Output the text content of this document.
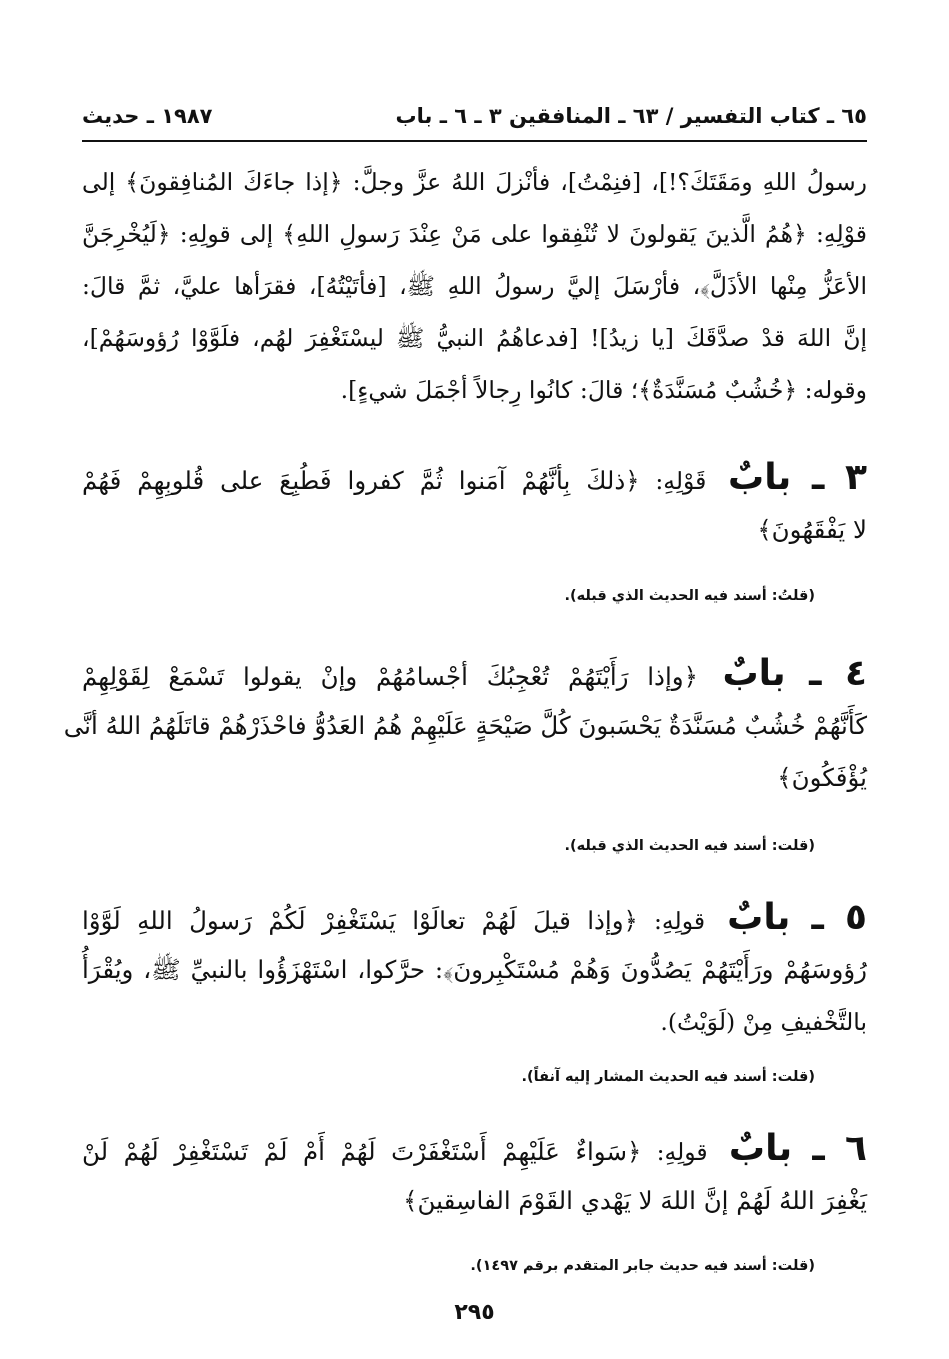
٦٥ ـ كتاب التفسير / ٦٣ ـ المنافقين ٣ ـ ٦ ـ باب
١٩٨٧ ـ حديث
رسولُ اللهِ ومَقَتَكَ؟!]، [فنِمْتُ]، فأنْزلَ اللهُ عزَّ وجلَّ: ﴿إذا جاءَكَ المُنافِقونَ﴾ إلى
قوْلِهِ: ﴿هُمُ الَّذينَ يَقولونَ لا تُنْفِقوا على مَنْ عِنْدَ رَسولِ اللهِ﴾ إلى قولِهِ: ﴿لَيُخْرِجَنَّ
الأعَزُّ مِنْها الأذَلَّ﴾، فأرْسَلَ إليَّ رسولُ اللهِ ﷺ، [فأتَيْتُهُ]، فقرَأها عليَّ، ثمَّ قالَ:
إنَّ اللهَ قدْ صدَّقَكَ [يا زيدُ]! [فدعاهُمُ النبيُّ ﷺ ليسْتَغْفِرَ لهُم، فلَوَّوْا رُؤوسَهُمْ]،
وقوله: ﴿خُشُبٌ مُسَنَّدَةٌ﴾؛ قالَ: كانُوا رِجالاً أجْمَلَ شيءٍ].
٣ ـ بابٌ قَوْلِهِ: ﴿ذلكَ بِأنَّهُمْ آمَنوا ثُمَّ كفروا فَطُبِعَ على قُلوبِهِمْ فَهُمْ
لا يَفْقَهُونَ﴾
(قلتُ: أسند فيه الحديث الذي قبله).
٤ ـ بابٌ ﴿وإذا رَأَيْتَهُمْ تُعْجِبُكَ أجْسامُهُمْ وإنْ يقولوا تَسْمَعْ لِقَوْلِهِمْ
كَأَنَّهُمْ خُشُبٌ مُسَنَّدَةٌ يَحْسَبونَ كُلَّ صَيْحَةٍ عَلَيْهِمْ هُمُ العَدُوُّ فاحْذَرْهُمْ قاتَلَهُمُ اللهُ أنَّى
يُؤْفَكُونَ﴾
(قلت: أسند فيه الحديث الذي قبله).
٥ ـ بابٌ قولِهِ: ﴿وإذا قيلَ لَهُمْ تعالَوْا يَسْتَغْفِرْ لَكُمْ رَسولُ اللهِ لَوَّوْا
رُؤوسَهُمْ ورَأَيْتَهُمْ يَصُدُّونَ وَهُمْ مُسْتَكْبِرونَ﴾: حرَّكوا، اسْتَهْزَؤُوا بالنبيِّ ﷺ، ويُقْرَأُ
بالتَّخْفيفِ مِنْ (لَوَيْتُ).
(قلت: أسند فيه الحديث المشار إليه آنفاً).
٦ ـ بابٌ قولِهِ: ﴿سَواءٌ عَلَيْهِمْ أَسْتَغْفَرْتَ لَهُمْ أَمْ لَمْ تَسْتَغْفِرْ لَهُمْ لَنْ
يَغْفِرَ اللهُ لَهُمْ إنَّ اللهَ لا يَهْدي القَوْمَ الفاسِقينَ﴾
(قلت: أسند فيه حديث جابر المتقدم برقم ١٤٩٧).
٢٩٥
